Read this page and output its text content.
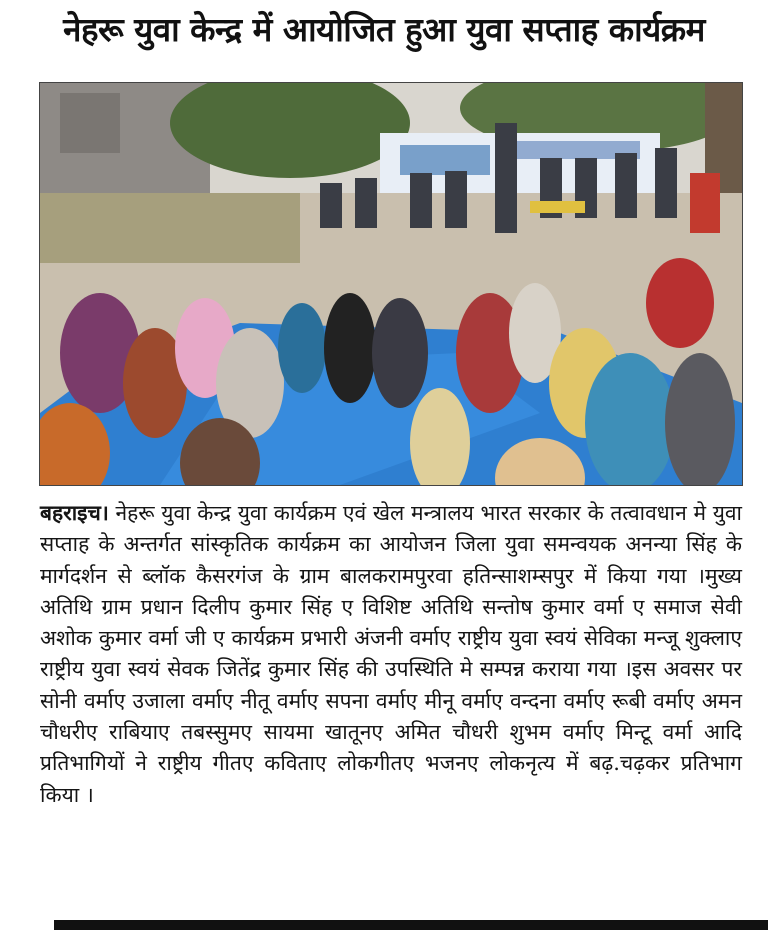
नेहरू युवा केन्द्र में आयोजित हुआ युवा सप्ताह कार्यक्रम
बहराइच। नेहरू युवा केन्द्र युवा कार्यक्रम एवं खेल मन्त्रालय भारत सरकार के तत्वावधान मे युवा सप्ताह के अन्तर्गत सांस्कृतिक कार्यक्रम का आयोजन जिला युवा समन्वयक अनन्या सिंह के मार्गदर्शन से ब्लॉक कैसरगंज के ग्राम बालकरामपुरवा हतिन्साशम्सपुर में किया गया ।मुख्य अतिथि ग्राम प्रधान दिलीप कुमार सिंह ए विशिष्ट अतिथि सन्तोष कुमार वर्मा ए समाज सेवी अशोक कुमार वर्मा जी ए कार्यक्रम प्रभारी अंजनी वर्माए राष्ट्रीय युवा स्वयं सेविका मन्जू शुक्लाए राष्ट्रीय युवा स्वयं सेवक जितेंद्र कुमार सिंह की उपस्थिति मे सम्पन्न कराया गया ।इस अवसर पर सोनी वर्माए उजाला वर्माए नीतू वर्माए सपना वर्माए मीनू वर्माए वन्दना वर्माए रूबी वर्माए अमन चौधरीए राबियाए तबस्सुमए सायमा खातूनए अमित चौधरी शुभम वर्माए मिन्टू वर्मा आदि प्रतिभागियों ने राष्ट्रीय गीतए कविताए लोकगीतए भजनए लोकनृत्य में बढ़.चढ़कर प्रतिभाग किया ।
